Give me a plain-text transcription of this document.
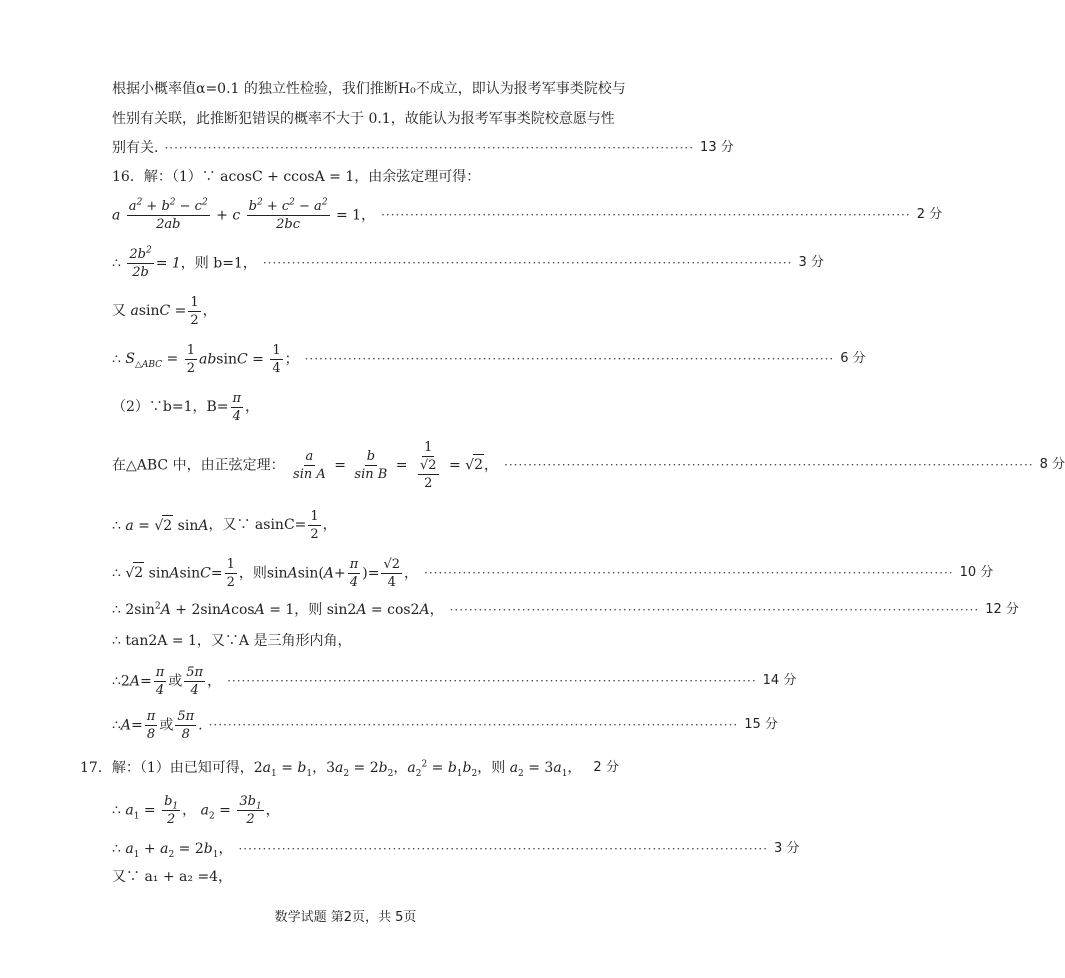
根据小概率值α=0.1 的独立性检验，我们推断H₀不成立，即认为报考军事类院校与
性别有关联，此推断犯错误的概率不大于 0.1，故能认为报考军事类院校意愿与性
别有关. ·············································································································· 13 分
16．解：（1）∵ acosC + ccosA = 1，由余弦定理可得：
a $\frac{a^2 + b^2 - c^2}{2ab} + c \frac{b^2 + c^2 - a^2}{2bc} = 1$， ·············································································································· 2 分
∴ $\frac{2b^2}{2b} = 1$，则 b=1， ·············································································································· 3 分
又 a $\sin C = \frac{1}{2}$ ，
∴ $S_{\triangle ABC} = \frac{1}{2}$ $absinC = \frac{1}{4}$ ； ·············································································································· 6 分
（2）∵b=1，$B= \frac{\pi}{4}$ ，
在△ABC 中，由正弦定理： $\frac{a}{\text{sin A}} = \frac{b}{\text{sin B}} = \frac{1}{\frac{√2}{2}} = √2$， ·············································································································· 8 分
∴ a = √2 sinA ，又∵ $asinC= \frac{1}{2}$ ，
∴ √2 sinAsinC= $\frac{1}{2}$ ，则sinAsin(A+ $\frac{\pi}{4}$ )= $\frac{√2}{4}$ ， ·············································································································· 10 分
∴ $2\sin^2A$ + 2sinAcosA = 1，则 sin2A = cos2A， ·············································································································· 12 分
∴ tan2A = 1，又∵A 是三角形内角，
∴2A= $\frac{\pi}{4}$ 或 $\frac{5\pi}{4}$ ， ·············································································································· 14 分
∴A= $\frac{\pi}{8}$ 或 $\frac{5\pi}{8}$ . ·············································································································· 15 分
17．解：（1）由已知可得，$2a_1 = b_1$，$3a_2 = 2b_2$，$a_2^2 = b_1b_2$，则 $a_2 = 3a_1$， 2 分
∴ $a_1 = \frac{b_1}{2}$ ， $a_2 = \frac{3b_1}{2}$ ，
∴ $a_1 + a_2 = 2b_1$， ·············································································································· 3 分
又∵ a₁ + a₂ =4，
数学试题 第2页，共 5页
